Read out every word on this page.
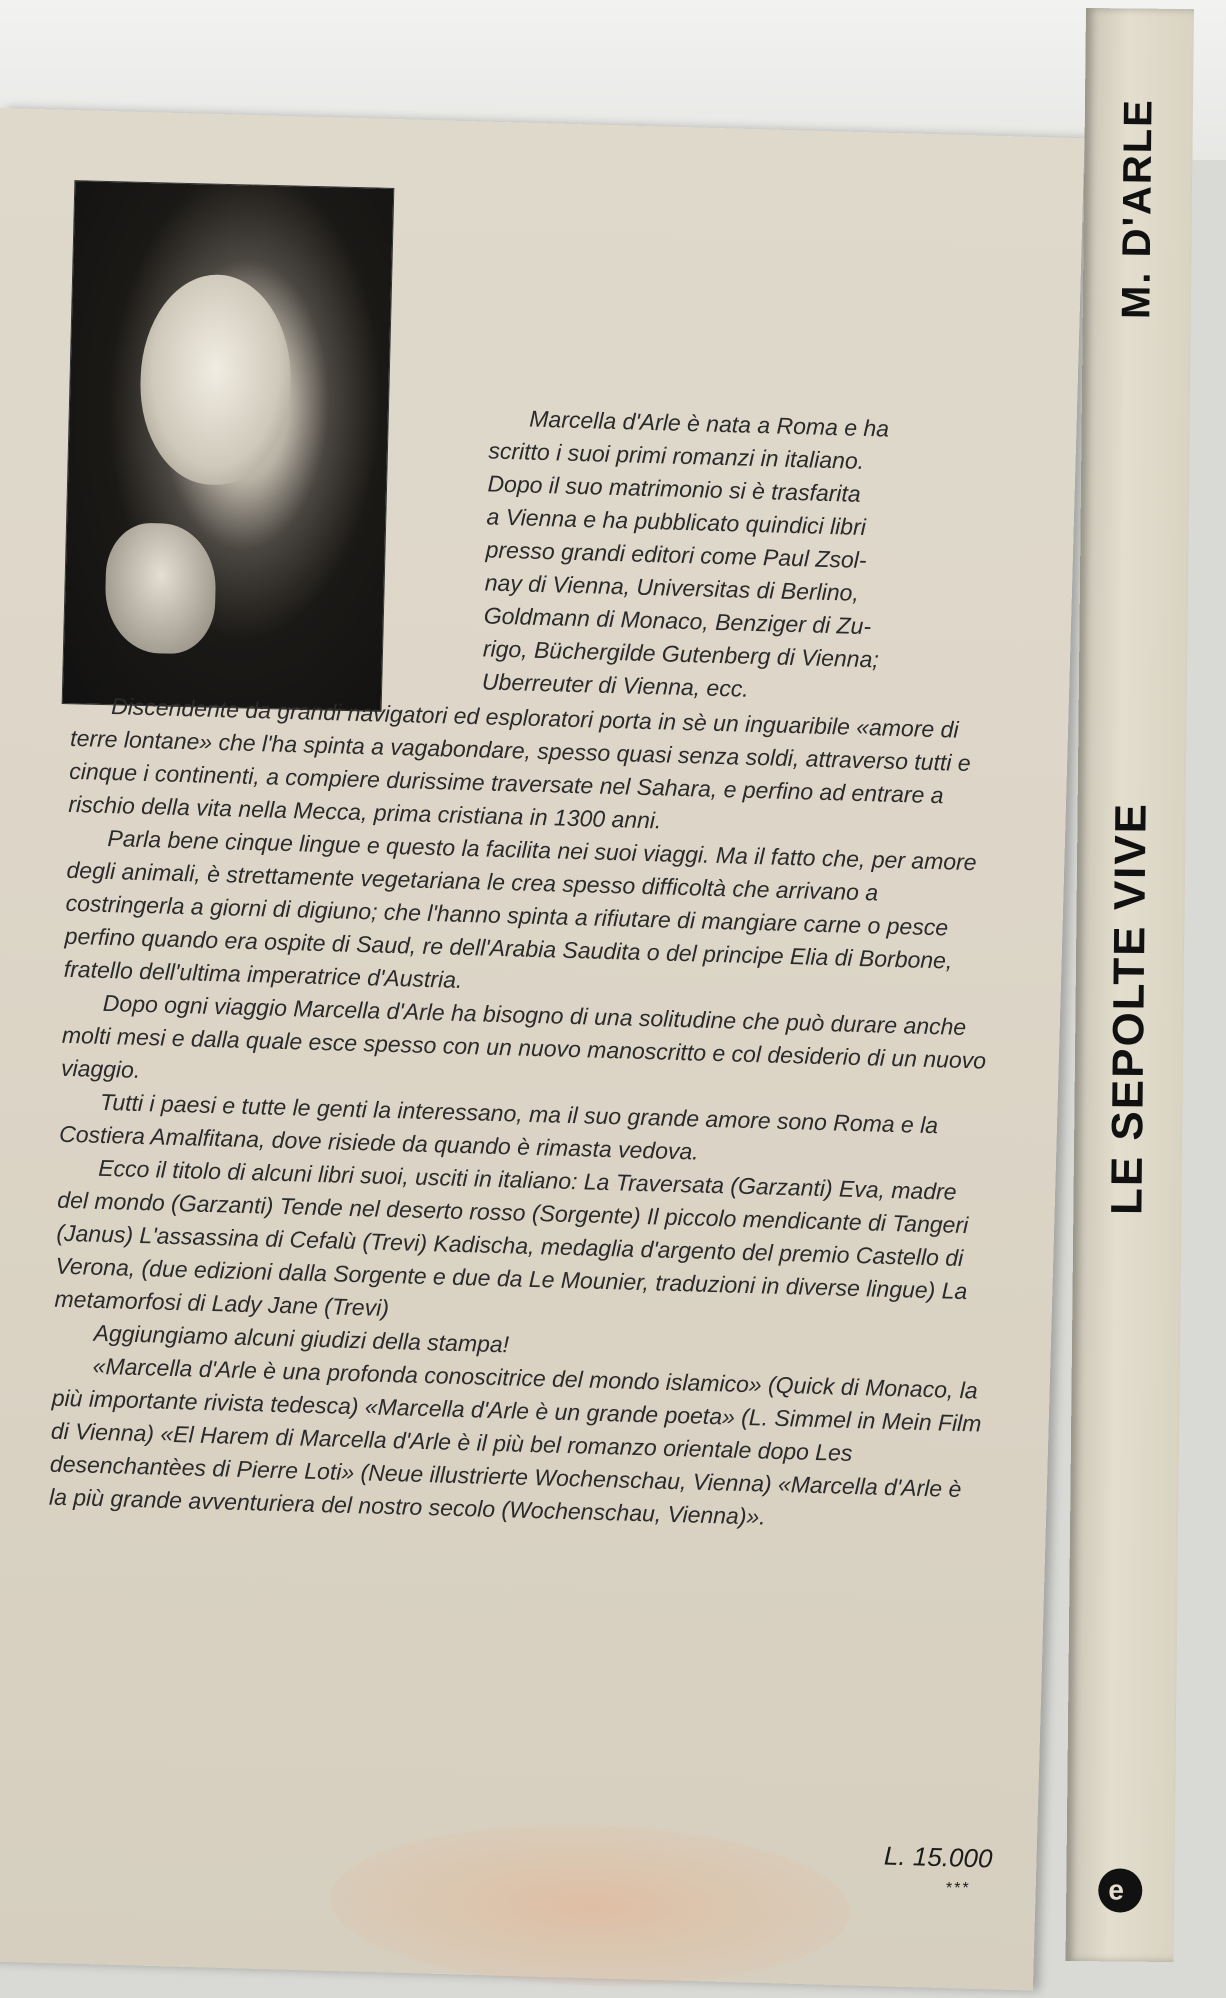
Marcella d'Arle è nata a Roma e ha
scritto i suoi primi romanzi in italiano.
Dopo il suo matrimonio si è trasfarita
a Vienna e ha pubblicato quindici libri
presso grandi editori come Paul Zsol-
nay di Vienna, Universitas di Berlino,
Goldmann di Monaco, Benziger di Zu-
rigo, Büchergilde Gutenberg di Vienna;
Uberreuter di Vienna, ecc.

Discendente da grandi navigatori ed esploratori porta in sè un inguaribile «amore di terre lontane» che l'ha spinta a vagabondare, spesso quasi senza soldi, attraverso tutti e cinque i continenti, a compiere durissime traversate nel Sahara, e perfino ad entrare a rischio della vita nella Mecca, prima cristiana in 1300 anni.

Parla bene cinque lingue e questo la facilita nei suoi viaggi. Ma il fatto che, per amore degli animali, è strettamente vegetariana le crea spesso difficoltà che arrivano a costringerla a giorni di digiuno; che l'hanno spinta a rifiutare di mangiare carne o pesce perfino quando era ospite di Saud, re dell'Arabia Saudita o del principe Elia di Borbone, fratello dell'ultima imperatrice d'Austria.

Dopo ogni viaggio Marcella d'Arle ha bisogno di una solitudine che può durare anche molti mesi e dalla quale esce spesso con un nuovo manoscritto e col desiderio di un nuovo viaggio.

Tutti i paesi e tutte le genti la interessano, ma il suo grande amore sono Roma e la Costiera Amalfitana, dove risiede da quando è rimasta vedova.

Ecco il titolo di alcuni libri suoi, usciti in italiano: La Traversata (Garzanti) Eva, madre del mondo (Garzanti) Tende nel deserto rosso (Sorgente) Il piccolo mendicante di Tangeri (Janus) L'assassina di Cefalù (Trevi) Kadischa, medaglia d'argento del premio Castello di Verona, (due edizioni dalla Sorgente e due da Le Mounier, traduzioni in diverse lingue) La metamorfosi di Lady Jane (Trevi)

Aggiungiamo alcuni giudizi della stampa!

«Marcella d'Arle è una profonda conoscitrice del mondo islamico» (Quick di Monaco, la più importante rivista tedesca) «Marcella d'Arle è un grande poeta» (L. Simmel in Mein Film di Vienna) «El Harem di Marcella d'Arle è il più bel romanzo orientale dopo Les desenchantèes di Pierre Loti» (Neue illustrierte Wochenschau, Vienna) «Marcella d'Arle è la più grande avventuriera del nostro secolo (Wochenschau, Vienna)».

L. 15.000
***
M. D'ARLE
LE SEPOLTE VIVE
e
